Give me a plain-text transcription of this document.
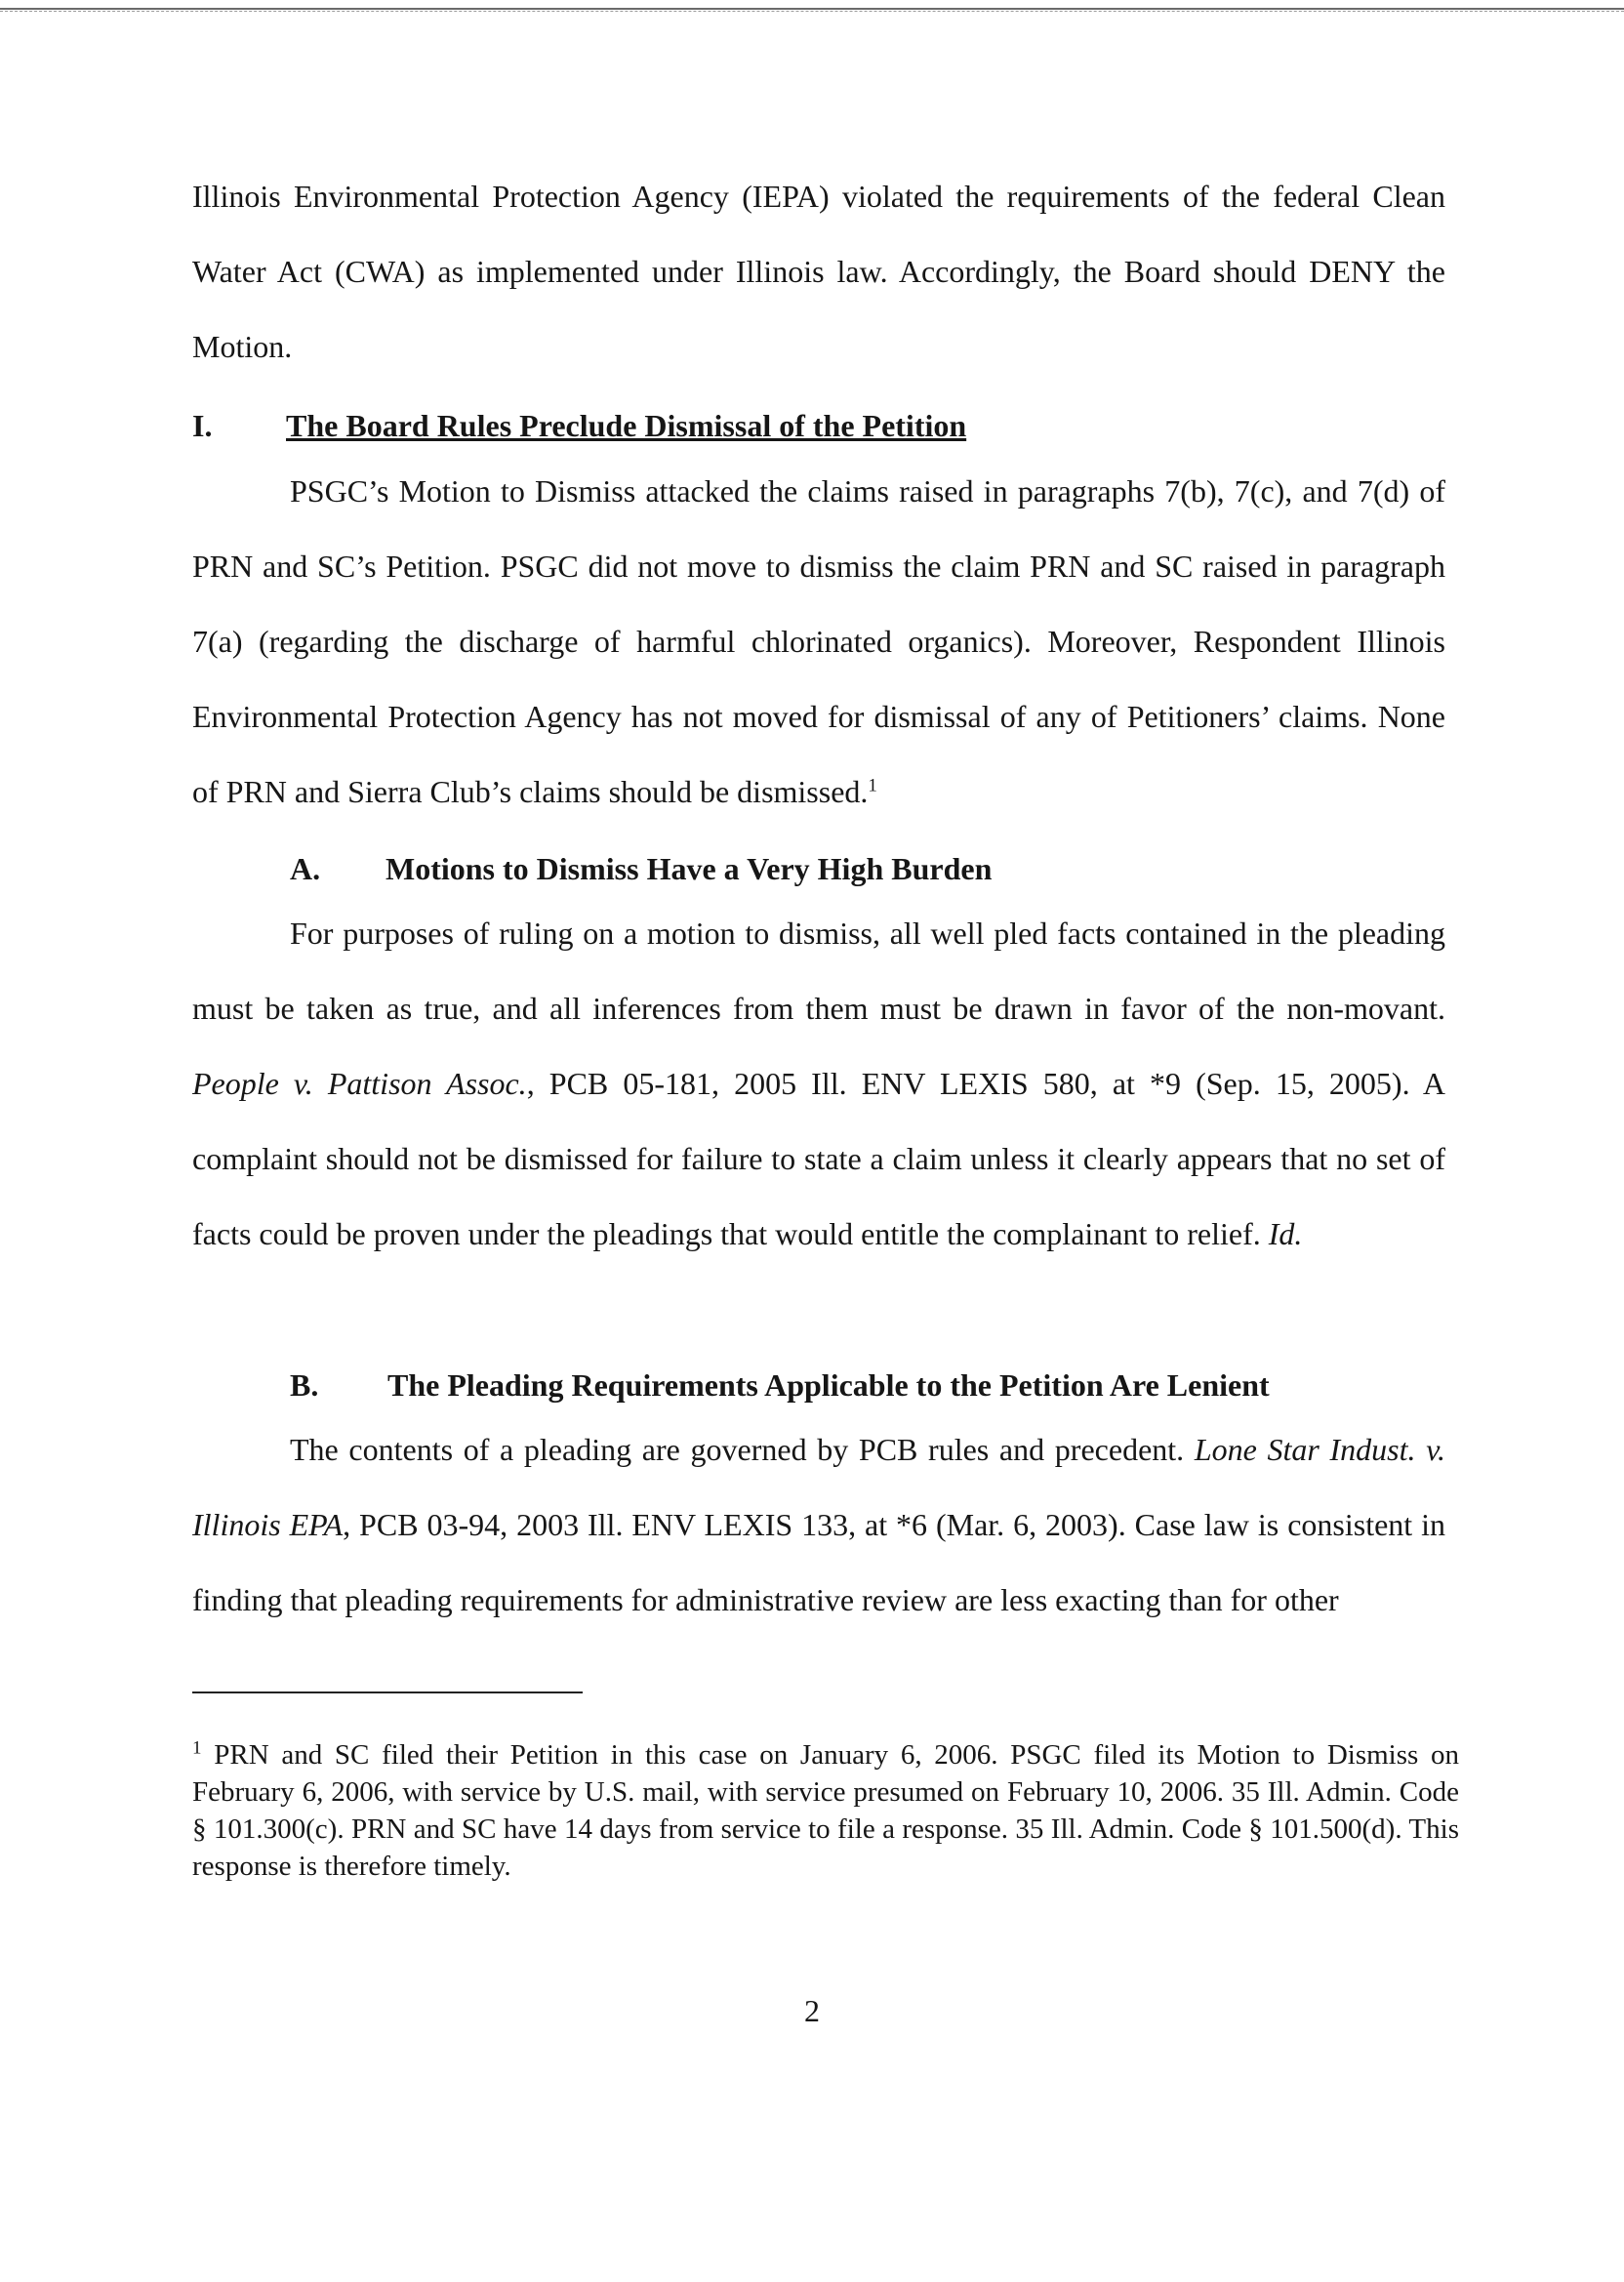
Illinois Environmental Protection Agency (IEPA) violated the requirements of the federal Clean Water Act (CWA) as implemented under Illinois law. Accordingly, the Board should DENY the Motion.

I. The Board Rules Preclude Dismissal of the Petition

PSGC’s Motion to Dismiss attacked the claims raised in paragraphs 7(b), 7(c), and 7(d) of PRN and SC’s Petition. PSGC did not move to dismiss the claim PRN and SC raised in paragraph 7(a) (regarding the discharge of harmful chlorinated organics). Moreover, Respondent Illinois Environmental Protection Agency has not moved for dismissal of any of Petitioners’ claims. None of PRN and Sierra Club’s claims should be dismissed.$^1$

A. Motions to Dismiss Have a Very High Burden

For purposes of ruling on a motion to dismiss, all well pled facts contained in the pleading must be taken as true, and all inferences from them must be drawn in favor of the non-movant. People v. Pattison Assoc., PCB 05-181, 2005 Ill. ENV LEXIS 580, at *9 (Sep. 15, 2005). A complaint should not be dismissed for failure to state a claim unless it clearly appears that no set of facts could be proven under the pleadings that would entitle the complainant to relief. Id.

B. The Pleading Requirements Applicable to the Petition Are Lenient

The contents of a pleading are governed by PCB rules and precedent. Lone Star Indust. v. Illinois EPA, PCB 03-94, 2003 Ill. ENV LEXIS 133, at *6 (Mar. 6, 2003). Case law is consistent in finding that pleading requirements for administrative review are less exacting than for other

$^1$ PRN and SC filed their Petition in this case on January 6, 2006. PSGC filed its Motion to Dismiss on February 6, 2006, with service by U.S. mail, with service presumed on February 10, 2006. 35 Ill. Admin. Code § 101.300(c). PRN and SC have 14 days from service to file a response. 35 Ill. Admin. Code § 101.500(d). This response is therefore timely.

2
